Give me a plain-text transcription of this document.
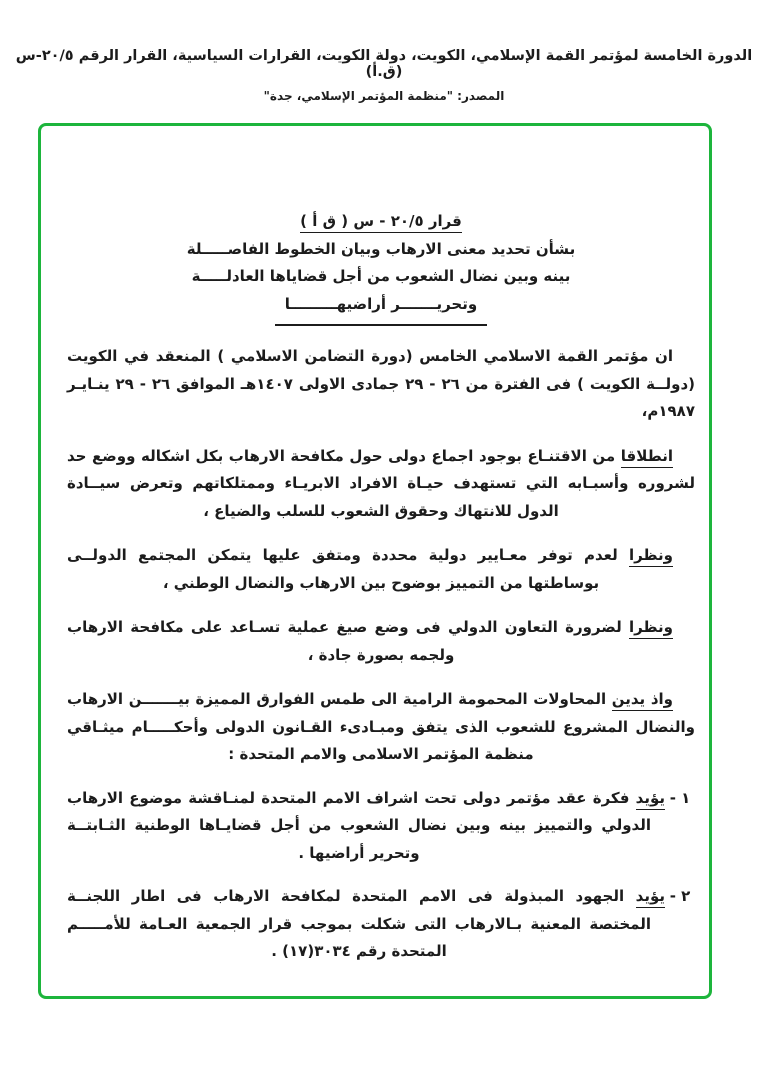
الدورة الخامسة لمؤتمر القمة الإسلامي، الكويت، دولة الكويت، القرارات السياسية، القرار الرقم ٢٠/٥-س (ق.أ)
المصدر: "منظمة المؤتمر الإسلامي، جدة"
قرار ٢٠/٥ - س ( ق أ )
بشأن تحديد معنى الارهاب وبيان الخطوط الفاصـــــلة
بينه وبين نضال الشعوب من أجل قضاياها العادلـــــة
وتحريـــــــر أراضيهـــــــــا

ان مؤتمر القمة الاسلامي الخامس (دورة التضامن الاسلامي ) المنعقد في الكويت (دولــة الكويت ) فى الفترة من ٢٦ - ٢٩ جمادى الاولى ١٤٠٧هـ الموافق ٢٦ - ٢٩ ينـايـر ١٩٨٧م،

انطلاقا من الاقتنـاع بوجود اجماع دولى حول مكافحة الارهاب بكل اشكاله ووضع حد لشروره وأسبـابه التي تستهدف حيـاة الافراد الابريـاء وممتلكاتهم وتعرض سيــادة الدول للانتهاك وحقوق الشعوب للسلب والضياع ،

ونظرا لعدم توفر معـايير دولية محددة ومتفق عليها يتمكن المجتمع الدولــى بوساطتها من التمييز بوضوح بين الارهاب والنضال الوطني ،

ونظرا لضرورة التعاون الدولي فى وضع صيغ عملية تسـاعد على مكافحة الارهاب ولجمه بصورة جادة ،

واذ يدين المحاولات المحمومة الرامية الى طمس الفوارق المميزة بيـــــــن الارهاب والنضال المشروع للشعوب الذى يتفق ومبـادىء القـانون الدولى وأحكـــــام ميثـاقي منظمة المؤتمر الاسلامى والامم المتحدة :

١ -يؤيد فكرة عقد مؤتمر دولى تحت اشراف الامم المتحدة لمنـاقشة موضوع الارهاب الدولي والتمييز بينه وبين نضال الشعوب من أجل قضايـاها الوطنية الثـابتــة وتحرير أراضيها .

٢ -يؤيد الجهود المبذولة فى الامم المتحدة لمكافحة الارهاب فى اطار اللجنــة المختصة المعنية بـالارهاب التى شكلت بموجب قرار الجمعية العـامة للأمـــــم المتحدة رقم ٣٠٣٤(١٧) .
